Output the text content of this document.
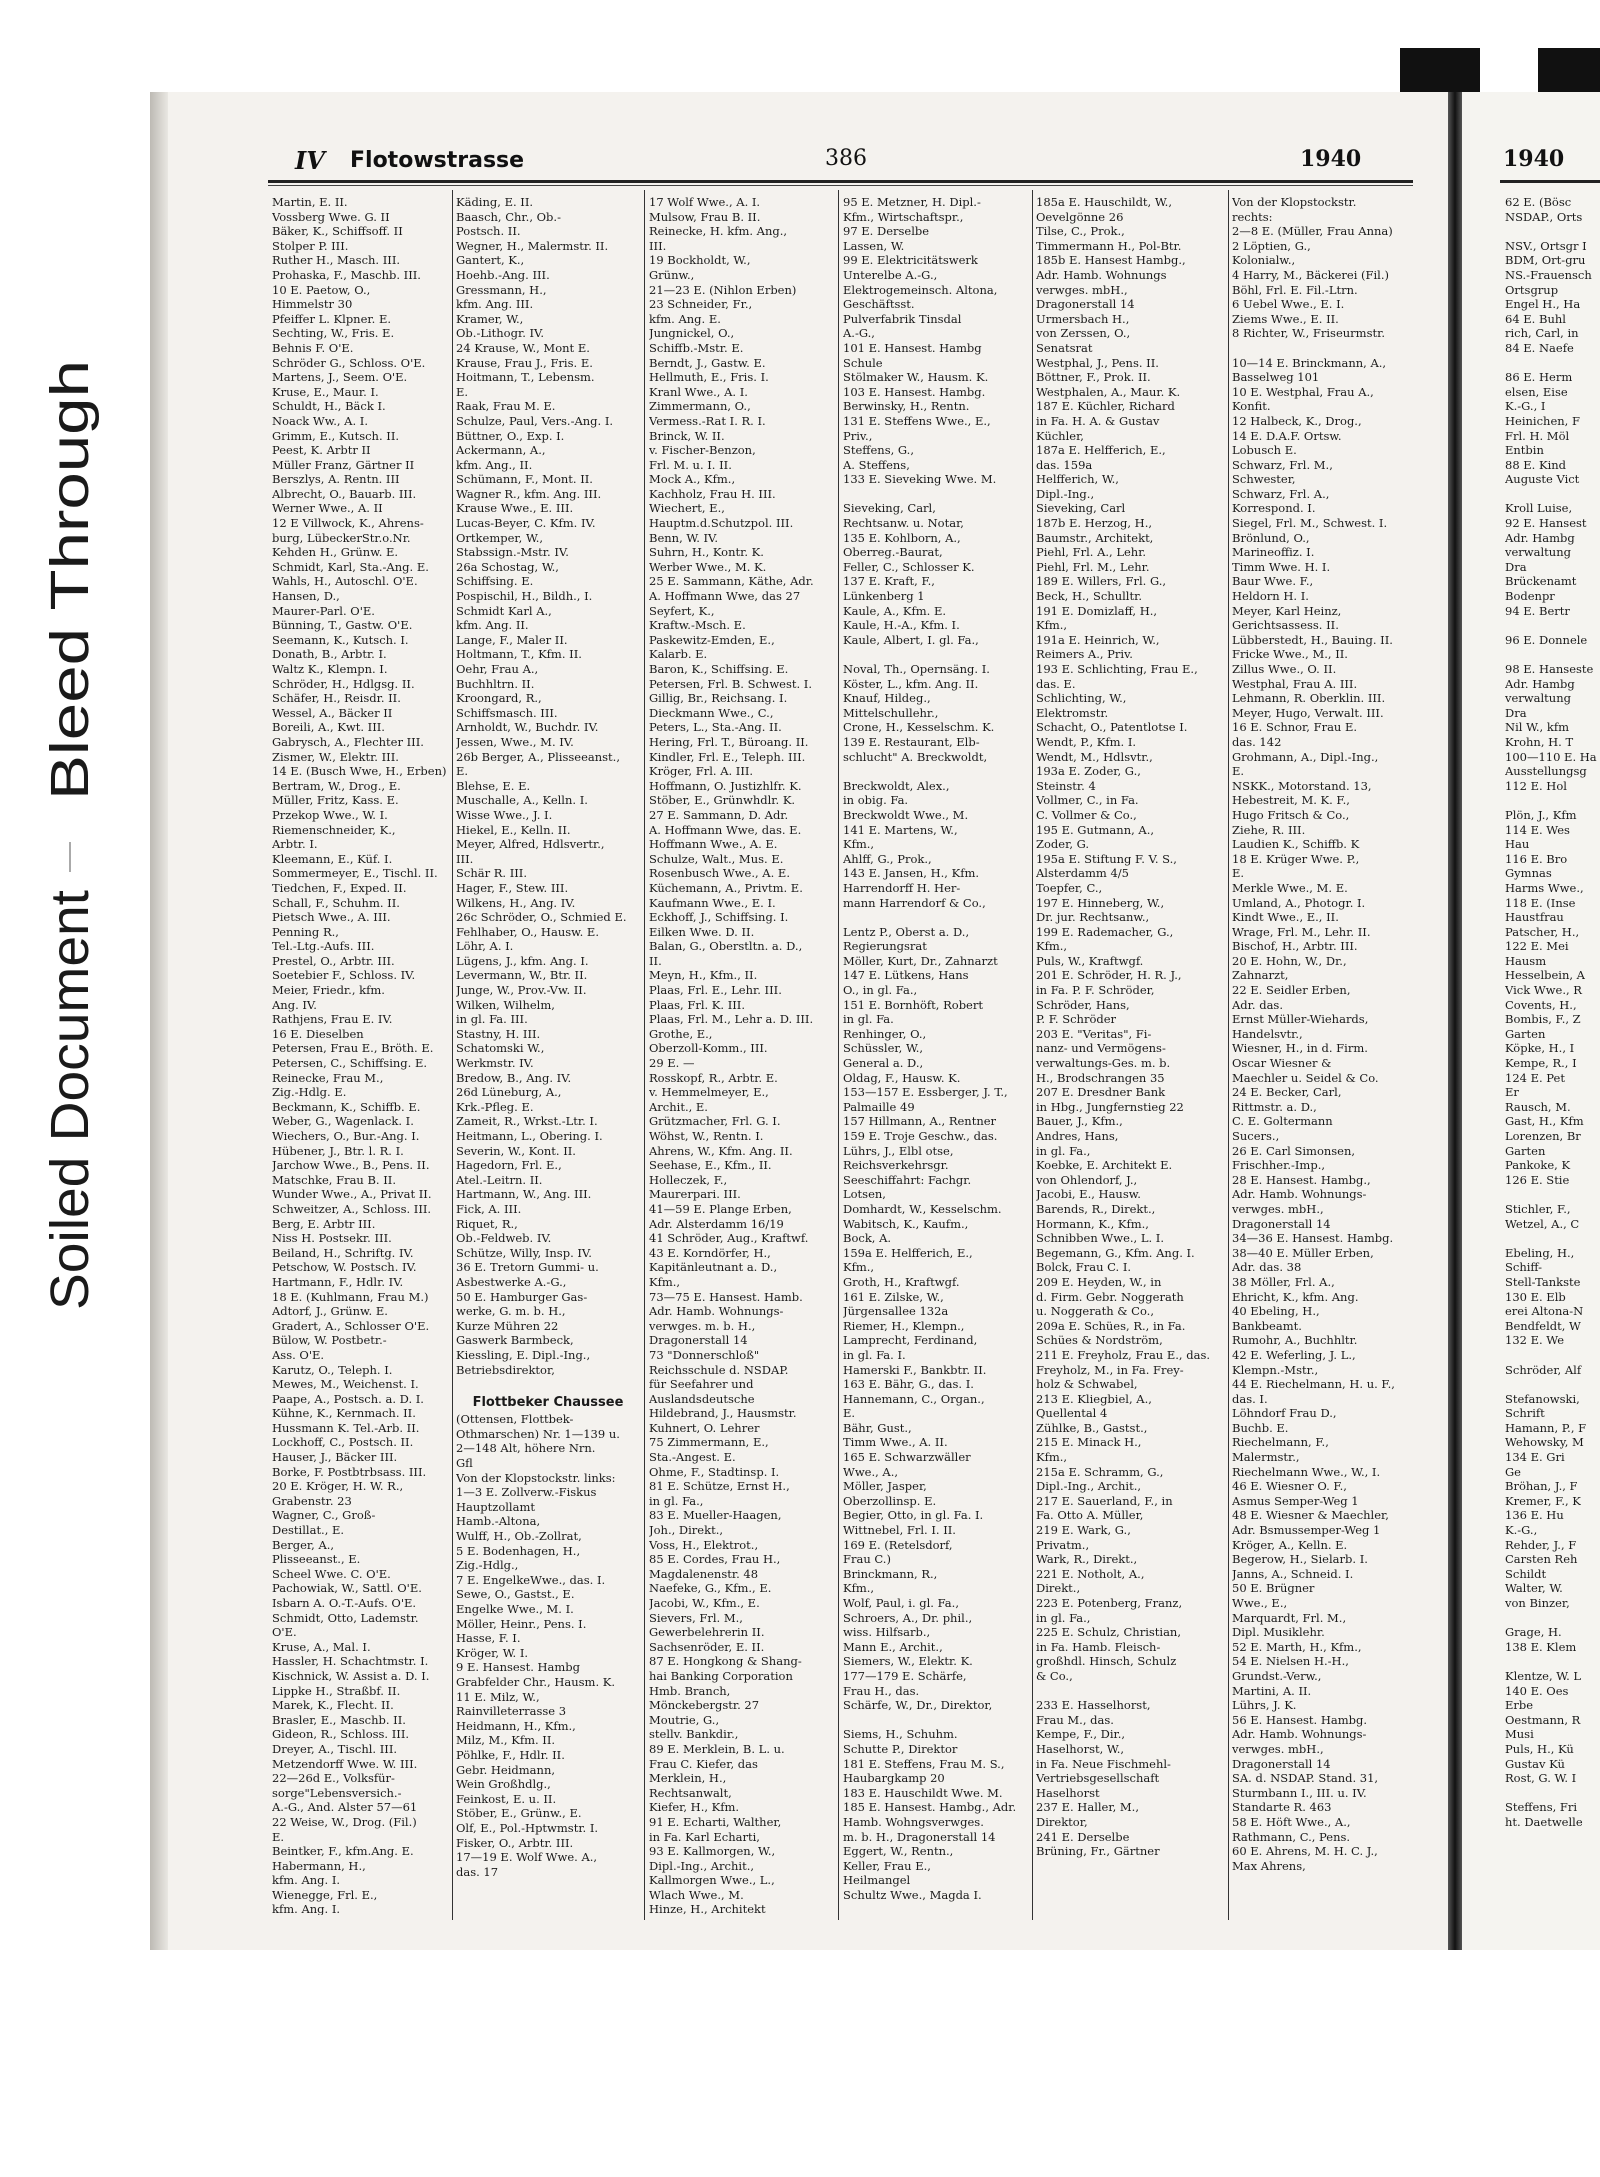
Soiled Document
Bleed Through
IV Flotowstrasse	386	1940	1940
Martin, E. II.
Vossberg Wwe. G. II
Bäker, K., Schiffsoff. II
Stolper P. III.
Ruther H., Masch. III.
Prohaska, F., Maschb. III.
10 E. Paetow, O.,
Himmelstr 30
Pfeiffer L. Klpner. E.
Sechting, W., Fris. E.
Behnis F. O'E.
Schröder G., Schloss. O'E.
Martens, J., Seem. O'E.
Kruse, E., Maur. I.
Schuldt, H., Bäck I.
Noack Ww., A. I.
Grimm, E., Kutsch. II.
Peest, K. Arbtr II
Müller Franz, Gärtner II
Berszlys, A. Rentn. III
Albrecht, O., Bauarb. III.
Werner Wwe., A. II
12 E Villwock, K., Ahrens-
burg, LübeckerStr.o.Nr.
Kehden H., Grünw. E.
Schmidt, Karl, Sta.-Ang. E.
Wahls, H., Autoschl. O'E.
Hansen, D.,
Maurer-Parl. O'E.
Bünning, T., Gastw. O'E.
Seemann, K., Kutsch. I.
Donath, B., Arbtr. I.
Waltz K., Klempn. I.
Schröder, H., Hdlgsg. II.
Schäfer, H., Reisdr. II.
Wessel, A., Bäcker II
Boreili, A., Kwt. III.
Gabrysch, A., Flechter III.
Zismer, W., Elektr. III.
14 E. (Busch Wwe, H., Erben)
Bertram, W., Drog., E.
Müller, Fritz, Kass. E.
Przekop Wwe., W. I.
Riemenschneider, K.,
Arbtr. I.
Kleemann, E., Küf. I.
Sommermeyer, E., Tischl. II.
Tiedchen, F., Exped. II.
Schall, F., Schuhm. II.
Pietsch Wwe., A. III.
Penning R.,
Tel.-Ltg.-Aufs. III.
Prestel, O., Arbtr. III.
Soetebier F., Schloss. IV.
Meier, Friedr., kfm.
Ang. IV.
Rathjens, Frau E. IV.
16 E. Dieselben
Petersen, Frau E., Bröth. E.
Petersen, C., Schiffsing. E.
Reinecke, Frau M.,
Zig.-Hdlg. E.
Beckmann, K., Schiffb. E.
Weber, G., Wagenlack. I.
Wiechers, O., Bur.-Ang. I.
Hübener, J., Btr. l. R. I.
Jarchow Wwe., B., Pens. II.
Matschke, Frau B. II.
Wunder Wwe., A., Privat II.
Schweitzer, A., Schloss. III.
Berg, E. Arbtr III.
Niss H. Postsekr. III.
Beiland, H., Schriftg. IV.
Petschow, W. Postsch. IV.
Hartmann, F., Hdlr. IV.
18 E. (Kuhlmann, Frau M.)
Adtorf, J., Grünw. E.
Gradert, A., Schlosser O'E.
Bülow, W. Postbetr.-
Ass. O'E.
Karutz, O., Teleph. I.
Mewes, M., Weichenst. I.
Paape, A., Postsch. a. D. I.
Kühne, K., Kernmach. II.
Hussmann K. Tel.-Arb. II.
Lockhoff, C., Postsch. II.
Hauser, J., Bäcker III.
Borke, F. Postbtrbsass. III.
20 E. Kröger, H. W. R.,
Grabenstr. 23
Wagner, C., Groß-
Destillat., E.
Berger, A.,
Plisseeanst., E.
Scheel Wwe. C. O'E.
Pachowiak, W., Sattl. O'E.
Isbarn A. O.-T.-Aufs. O'E.
Schmidt, Otto, Lademstr.
O'E.
Kruse, A., Mal. I.
Hassler, H. Schachtmstr. I.
Kischnick, W. Assist a. D. I.
Lippke H., Straßbf. II.
Marek, K., Flecht. II.
Brasler, E., Maschb. II.
Gideon, R., Schloss. III.
Dreyer, A., Tischl. III.
Metzendorff Wwe. W. III.
22—26d E., Volksfür-
sorge"Lebensversich.-
A.-G., And. Alster 57—61
22 Weise, W., Drog. (Fil.)
E.
Beintker, F., kfm.Ang. E.
Habermann, H.,
kfm. Ang. I.
Wienegge, Frl. E.,
kfm. Ang. I.
Käding, E. II.
Baasch, Chr., Ob.-
Postsch. II.
Wegner, H., Malermstr. II.
Gantert, K.,
Hoehb.-Ang. III.
Gressmann, H.,
kfm. Ang. III.
Kramer, W.,
Ob.-Lithogr. IV.
24 Krause, W., Mont E.
Krause, Frau J., Fris. E.
Hoitmann, T., Lebensm.
E.
Raak, Frau M. E.
Schulze, Paul, Vers.-Ang. I.
Büttner, O., Exp. I.
Ackermann, A.,
kfm. Ang., II.
Schümann, F., Mont. II.
Wagner R., kfm. Ang. III.
Krause Wwe., E. III.
Lucas-Beyer, C. Kfm. IV.
Ortkemper, W.,
Stabssign.-Mstr. IV.
26a Schostag, W.,
Schiffsing. E.
Pospischil, H., Bildh., I.
Schmidt Karl A.,
kfm. Ang. II.
Lange, F., Maler II.
Holtmann, T., Kfm. II.
Oehr, Frau A.,
Buchhltrn. II.
Kroongard, R.,
Schiffsmasch. III.
Arnholdt, W., Buchdr. IV.
Jessen, Wwe., M. IV.
26b Berger, A., Plisseeanst.,
E.
Blehse, E. E.
Muschalle, A., Kelln. I.
Wisse Wwe., J. I.
Hiekel, E., Kelln. II.
Meyer, Alfred, Hdlsvertr.,
III.
Schär R. III.
Hager, F., Stew. III.
Wilkens, H., Ang. IV.
26c Schröder, O., Schmied E.
Fehlhaber, O., Hausw. E.
Löhr, A. I.
Lügens, J., kfm. Ang. I.
Levermann, W., Btr. II.
Junge, W., Prov.-Vw. II.
Wilken, Wilhelm,
in gl. Fa. III.
Stastny, H. III.
Schatomski W.,
Werkmstr. IV.
Bredow, B., Ang. IV.
26d Lüneburg, A.,
Krk.-Pfleg. E.
Zameit, R., Wrkst.-Ltr. I.
Heitmann, L., Obering. I.
Severin, W., Kont. II.
Hagedorn, Frl. E.,
Atel.-Leitrn. II.
Hartmann, W., Ang. III.
Fick, A. III.
Riquet, R.,
Ob.-Feldweb. IV.
Schütze, Willy, Insp. IV.
36 E. Tretorn Gummi- u.
Asbestwerke A.-G.,
50 E. Hamburger Gas-
werke, G. m. b. H.,
Kurze Mühren 22
Gaswerk Barmbeck,
Kiessling, E. Dipl.-Ing.,
Betriebsdirektor,

Flottbeker Chaussee
(Ottensen, Flottbek-
Othmarschen) Nr. 1—139 u.
2—148 Alt, höhere Nrn.
Gfl
Von der Klopstockstr. links:
1—3 E. Zollverw.-Fiskus
Hauptzollamt
Hamb.-Altona,
Wulff, H., Ob.-Zollrat,
5 E. Bodenhagen, H.,
Zig.-Hdlg.,
7 E. EngelkeWwe., das. I.
Sewe, O., Gastst., E.
Engelke Wwe., M. I.
Möller, Heinr., Pens. I.
Hasse, F. I.
Kröger, W. I.
9 E. Hansest. Hambg
Grabfelder Chr., Hausm. K.
11 E. Milz, W.,
Rainvilleterrasse 3
Heidmann, H., Kfm.,
Milz, M., Kfm. II.
Pöhlke, F., Hdlr. II.
Gebr. Heidmann,
Wein Großhdlg.,
Feinkost, E. u. II.
Stöber, E., Grünw., E.
Olf, E., Pol.-Hptwmstr. I.
Fisker, O., Arbtr. III.
17—19 E. Wolf Wwe. A.,
das. 17
17 Wolf Wwe., A. I.
Mulsow, Frau B. II.
Reinecke, H. kfm. Ang.,
III.
19 Bockholdt, W.,
Grünw.,
21—23 E. (Nihlon Erben)
23 Schneider, Fr.,
kfm. Ang. E.
Jungnickel, O.,
Schiffb.-Mstr. E.
Berndt, J., Gastw. E.
Hellmuth, E., Fris. I.
Kranl Wwe., A. I.
Zimmermann, O.,
Vermess.-Rat I. R. I.
Brinck, W. II.
v. Fischer-Benzon,
Frl. M. u. I. II.
Mock A., Kfm.,
Kachholz, Frau H. III.
Wiechert, E.,
Hauptm.d.Schutzpol. III.
Benn, W. IV.
Suhrn, H., Kontr. K.
Werber Wwe., M. K.
25 E. Sammann, Käthe, Adr.
A. Hoffmann Wwe, das 27
Seyfert, K.,
Kraftw.-Msch. E.
Paskewitz-Emden, E.,
Kalarb. E.
Baron, K., Schiffsing. E.
Petersen, Frl. B. Schwest. I.
Gillig, Br., Reichsang. I.
Dieckmann Wwe., C.,
Peters, L., Sta.-Ang. II.
Hering, Frl. T., Büroang. II.
Kindler, Frl. E., Teleph. III.
Kröger, Frl. A. III.
Hoffmann, O. Justizhlfr. K.
Stöber, E., Grünwhdlr. K.
27 E. Sammann, D. Adr.
A. Hoffmann Wwe, das. E.
Hoffmann Wwe., A. E.
Schulze, Walt., Mus. E.
Rosenbusch Wwe., A. E.
Küchemann, A., Privtm. E.
Kaufmann Wwe., E. I.
Eckhoff, J., Schiffsing. I.
Eilken Wwe. D. II.
Balan, G., Oberstltn. a. D.,
II.
Meyn, H., Kfm., II.
Plaas, Frl. E., Lehr. III.
Plaas, Frl. K. III.
Plaas, Frl. M., Lehr a. D. III.
Grothe, E.,
Oberzoll-Komm., III.
29 E. —
Rosskopf, R., Arbtr. E.
v. Hemmelmeyer, E.,
Archit., E.
Grützmacher, Frl. G. I.
Wöhst, W., Rentn. I.
Ahrens, W., Kfm. Ang. II.
Seehase, E., Kfm., II.
Holleczek, F.,
Maurerpari. III.
41—59 E. Plange Erben,
Adr. Alsterdamm 16/19
41 Schröder, Aug., Kraftwf.
43 E. Korndörfer, H.,
Kapitänleutnant a. D.,
Kfm.,
73—75 E. Hansest. Hamb.
Adr. Hamb. Wohnungs-
verwges. m. b. H.,
Dragonerstall 14
73 "Donnerschloß"
Reichsschule d. NSDAP.
für Seefahrer und
Auslandsdeutsche
Hildebrand, J., Hausmstr.
Kuhnert, O. Lehrer
75 Zimmermann, E.,
Sta.-Angest. E.
Ohme, F., Stadtinsp. I.
81 E. Schütze, Ernst H.,
in gl. Fa.,
83 E. Mueller-Haagen,
Joh., Direkt.,
Voss, H., Elektrot.,
85 E. Cordes, Frau H.,
Magdalenenstr. 48
Naefeke, G., Kfm., E.
Jacobi, W., Kfm., E.
Sievers, Frl. M.,
Gewerbelehrerin II.
Sachsenröder, E. II.
87 E. Hongkong & Shang-
hai Banking Corporation
Hmb. Branch,
Mönckebergstr. 27
Moutrie, G.,
stellv. Bankdir.,
89 E. Merklein, B. L. u.
Frau C. Kiefer, das
Merklein, H.,
Rechtsanwalt,
Kiefer, H., Kfm.
91 E. Echarti, Walther,
in Fa. Karl Echarti,
93 E. Kallmorgen, W.,
Dipl.-Ing., Archit.,
Kallmorgen Wwe., L.,
Wlach Wwe., M.
Hinze, H., Architekt
95 E. Metzner, H. Dipl.-
Kfm., Wirtschaftspr.,
97 E. Derselbe
Lassen, W.
99 E. Elektricitätswerk
Unterelbe A.-G.,
Elektrogemeinsch. Altona,
Geschäftsst.
Pulverfabrik Tinsdal
A.-G.,
101 E. Hansest. Hambg
Schule
Stölmaker W., Hausm. K.
103 E. Hansest. Hambg.
Berwinsky, H., Rentn.
131 E. Steffens Wwe., E.,
Priv.,
Steffens, G.,
A. Steffens,
133 E. Sieveking Wwe. M.

Sieveking, Carl,
Rechtsanw. u. Notar,
135 E. Kohlborn, A.,
Oberreg.-Baurat,
Feller, C., Schlosser K.
137 E. Kraft, F.,
Lünkenberg 1
Kaule, A., Kfm. E.
Kaule, H.-A., Kfm. I.
Kaule, Albert, I. gl. Fa.,

Noval, Th., Opernsäng. I.
Köster, L., kfm. Ang. II.
Knauf, Hildeg.,
Mittelschullehr.,
Crone, H., Kesselschm. K.
139 E. Restaurant, Elb-
schlucht" A. Breckwoldt,

Breckwoldt, Alex.,
in obig. Fa.
Breckwoldt Wwe., M.
141 E. Martens, W.,
Kfm.,
Ahlff, G., Prok.,
143 E. Jansen, H., Kfm.
Harrendorff H. Her-
mann Harrendorf & Co.,

Lentz P., Oberst a. D.,
Regierungsrat
Möller, Kurt, Dr., Zahnarzt
147 E. Lütkens, Hans
O., in gl. Fa.,
151 E. Bornhöft, Robert
in gl. Fa.
Renhinger, O.,
Schüssler, W.,
General a. D.,
Oldag, F., Hausw. K.
153—157 E. Essberger, J. T.,
Palmaille 49
157 Hillmann, A., Rentner
159 E. Troje Geschw., das.
Lührs, J., Elbl otse,
Reichsverkehrsgr.
Seeschiffahrt: Fachgr.
Lotsen,
Domhardt, W., Kesselschm.
Wabitsch, K., Kaufm.,
Bock, A.
159a E. Helfferich, E.,
Kfm.,
Groth, H., Kraftwgf.
161 E. Zilske, W.,
Jürgensallee 132a
Riemer, H., Klempn.,
Lamprecht, Ferdinand,
in gl. Fa. I.
Hamerski F., Bankbtr. II.
163 E. Bähr, G., das. I.
Hannemann, C., Organ.,
E.
Bähr, Gust.,
Timm Wwe., A. II.
165 E. Schwarzwäller
Wwe., A.,
Möller, Jasper,
Oberzollinsp. E.
Begier, Otto, in gl. Fa. I.
Wittnebel, Frl. I. II.
169 E. (Retelsdorf,
Frau C.)
Brinckmann, R.,
Kfm.,
Wolf, Paul, i. gl. Fa.,
Schroers, A., Dr. phil.,
wiss. Hilfsarb.,
Mann E., Archit.,
Siemers, W., Elektr. K.
177—179 E. Schärfe,
Frau H., das.
Schärfe, W., Dr., Direktor,

Siems, H., Schuhm.
Schutte P., Direktor
181 E. Steffens, Frau M. S.,
Haubargkamp 20
183 E. Hauschildt Wwe. M.
185 E. Hansest. Hambg., Adr.
Hamb. Wohngsverwges.
m. b. H., Dragonerstall 14
Eggert, W., Rentn.,
Keller, Frau E.,
Heilmangel
Schultz Wwe., Magda I.
185a E. Hauschildt, W.,
Oevelgönne 26
Tilse, C., Prok.,
Timmermann H., Pol-Btr.
185b E. Hansest Hambg.,
Adr. Hamb. Wohnungs
verwges. mbH.,
Dragonerstall 14
Urmersbach H.,
von Zerssen, O.,
Senatsrat
Westphal, J., Pens. II.
Böttner, F., Prok. II.
Westphalen, A., Maur. K.
187 E. Küchler, Richard
in Fa. H. A. & Gustav
Küchler,
187a E. Helfferich, E.,
das. 159a
Helfferich, W.,
Dipl.-Ing.,
Sieveking, Carl
187b E. Herzog, H.,
Baumstr., Architekt,
Piehl, Frl. A., Lehr.
Piehl, Frl. M., Lehr.
189 E. Willers, Frl. G.,
Beck, H., Schulltr.
191 E. Domizlaff, H.,
Kfm.,
191a E. Heinrich, W.,
Reimers A., Priv.
193 E. Schlichting, Frau E.,
das. E.
Schlichting, W.,
Elektromstr.
Schacht, O., Patentlotse I.
Wendt, P., Kfm. I.
Wendt, M., Hdlsvtr.,
193a E. Zoder, G.,
Steinstr. 4
Vollmer, C., in Fa.
C. Vollmer & Co.,
195 E. Gutmann, A.,
Zoder, G.
195a E. Stiftung F. V. S.,
Alsterdamm 4/5
Toepfer, C.,
197 E. Hinneberg, W.,
Dr. jur. Rechtsanw.,
199 E. Rademacher, G.,
Kfm.,
Puls, W., Kraftwgf.
201 E. Schröder, H. R. J.,
in Fa. P. F. Schröder,
Schröder, Hans,
P. F. Schröder
203 E. "Veritas", Fi-
nanz- und Vermögens-
verwaltungs-Ges. m. b.
H., Brodschrangen 35
207 E. Dresdner Bank
in Hbg., Jungfernstieg 22
Bauer, J., Kfm.,
Andres, Hans,
in gl. Fa.,
Koebke, E. Architekt E.
von Ohlendorf, J.,
Jacobi, E., Hausw.
Barends, R., Direkt.,
Hormann, K., Kfm.,
Schnibben Wwe., L. I.
Begemann, G., Kfm. Ang. I.
Bolck, Frau C. I.
209 E. Heyden, W., in
d. Firm. Gebr. Noggerath
u. Noggerath & Co.,
209a E. Schües, R., in Fa.
Schües & Nordström,
211 E. Freyholz, Frau E., das.
Freyholz, M., in Fa. Frey-
holz & Schwabel,
213 E. Kliegbiel, A.,
Quellental 4
Zühlke, B., Gastst.,
215 E. Minack H.,
Kfm.,
215a E. Schramm, G.,
Dipl.-Ing., Archit.,
217 E. Sauerland, F., in
Fa. Otto A. Müller,
219 E. Wark, G.,
Privatm.,
Wark, R., Direkt.,
221 E. Notholt, A.,
Direkt.,
223 E. Potenberg, Franz,
in gl. Fa.,
225 E. Schulz, Christian,
in Fa. Hamb. Fleisch-
großhdl. Hinsch, Schulz
& Co.,

233 E. Hasselhorst,
Frau M., das.
Kempe, F., Dir.,
Haselhorst, W.,
in Fa. Neue Fischmehl-
Vertriebsgesellschaft
Haselhorst
237 E. Haller, M.,
Direktor,
241 E. Derselbe
Brüning, Fr., Gärtner
Von der Klopstockstr.
rechts:
2—8 E. (Müller, Frau Anna)
2 Löptien, G.,
Kolonialw.,
4 Harry, M., Bäckerei (Fil.)
Böhl, Frl. E. Fil.-Ltrn.
6 Uebel Wwe., E. I.
Ziems Wwe., E. II.
8 Richter, W., Friseurmstr.

10—14 E. Brinckmann, A.,
Basselweg 101
10 E. Westphal, Frau A.,
Konfit.
12 Halbeck, K., Drog.,
14 E. D.A.F. Ortsw.
Lobusch E.
Schwarz, Frl. M.,
Schwester,
Schwarz, Frl. A.,
Korrespond. I.
Siegel, Frl. M., Schwest. I.
Brönlund, O.,
Marineoffiz. I.
Timm Wwe. H. I.
Baur Wwe. F.,
Heldorn H. I.
Meyer, Karl Heinz,
Gerichtsassess. II.
Lübberstedt, H., Bauing. II.
Fricke Wwe., M., II.
Zillus Wwe., O. II.
Westphal, Frau A. III.
Lehmann, R. Oberklin. III.
Meyer, Hugo, Verwalt. III.
16 E. Schnor, Frau E.
das. 142
Grohmann, A., Dipl.-Ing.,
E.
NSKK., Motorstand. 13,
Hebestreit, M. K. F.,
Hugo Fritsch & Co.,
Ziehe, R. III.
Laudien K., Schiffb. K
18 E. Krüger Wwe. P.,
E.
Merkle Wwe., M. E.
Umland, A., Photogr. I.
Kindt Wwe., E., II.
Wrage, Frl. M., Lehr. II.
Bischof, H., Arbtr. III.
20 E. Hohn, W., Dr.,
Zahnarzt,
22 E. Seidler Erben,
Adr. das.
Ernst Müller-Wiehards,
Handelsvtr.,
Wiesner, H., in d. Firm.
Oscar Wiesner &
Maechler u. Seidel & Co.
24 E. Becker, Carl,
Rittmstr. a. D.,
C. E. Goltermann
Sucers.,
26 E. Carl Simonsen,
Frischher.-Imp.,
28 E. Hansest. Hambg.,
Adr. Hamb. Wohnungs-
verwges. mbH.,
Dragonerstall 14
34—36 E. Hansest. Hambg.
38—40 E. Müller Erben,
Adr. das. 38
38 Möller, Frl. A.,
Ehricht, K., kfm. Ang.
40 Ebeling, H.,
Bankbeamt.
Rumohr, A., Buchhltr.
42 E. Weferling, J. L.,
Klempn.-Mstr.,
44 E. Riechelmann, H. u. F.,
das. I.
Löhndorf Frau D.,
Buchb. E.
Riechelmann, F.,
Malermstr.,
Riechelmann Wwe., W., I.
46 E. Wiesner O. F.,
Asmus Semper-Weg 1
48 E. Wiesner & Maechler,
Adr. Bsmussemper-Weg 1
Kröger, A., Kelln. E.
Begerow, H., Sielarb. I.
Janns, A., Schneid. I.
50 E. Brügner
Wwe., E.,
Marquardt, Frl. M.,
Dipl. Musiklehr.
52 E. Marth, H., Kfm.,
54 E. Nielsen H.-H.,
Grundst.-Verw.,
Martini, A. II.
Lührs, J. K.
56 E. Hansest. Hambg.
Adr. Hamb. Wohnungs-
verwges. mbH.,
Dragonerstall 14
SA. d. NSDAP. Stand. 31,
Sturmbann I., III. u. IV.
Standarte R. 463
58 E. Höft Wwe., A.,
Rathmann, C., Pens.
60 E. Ahrens, M. H. C. J.,
Max Ahrens,
62 E. (Bösc
NSDAP., Orts

NSV., Ortsgr I
BDM, Ort-gru
NS.-Frauensch
Ortsgrup
Engel H., Ha
64 E. Buhl
rich, Carl, in
84 E. Naefe

86 E. Herm
elsen, Eise
K.-G., I
Heinichen, F
Frl. H. Möl
Entbin
88 E. Kind
Auguste Vict

Kroll Luise,
92 E. Hansest
Adr. Hambg
verwaltung
Dra
Brückenamt
Bodenpr
94 E. Bertr

96 E. Donnele

98 E. Hanseste
Adr. Hambg
verwaltung
Dra
Nil W., kfm
Krohn, H. T
100—110 E. Ha
Ausstellungsg
112 E. Hol

Plön, J., Kfm
114 E. Wes
Hau
116 E. Bro
Gymnas
Harms Wwe.,
118 E. (Inse
Haustfrau
Patscher, H.,
122 E. Mei
Hausm
Hesselbein, A
Vick Wwe., R
Covents, H.,
Bombis, F., Z
Garten
Köpke, H., I
Kempe, R., I
124 E. Pet
Er
Rausch, M.
Gast, H., Kfm
Lorenzen, Br
Garten
Pankoke, K
126 E. Stie

Stichler, F.,
Wetzel, A., C

Ebeling, H.,
Schiff-
Stell-Tankste
130 E. Elb
erei Altona-N
Bendfeldt, W
132 E. We

Schröder, Alf

Stefanowski,
Schrift
Hamann, P., F
Wehowsky, M
134 E. Gri
Ge
Bröhan, J., F
Kremer, F., K
136 E. Hu
K.-G.,
Rehder, J., F
Carsten Reh
Schildt
Walter, W.
von Binzer,

Grage, H.
138 E. Klem

Klentze, W. L
140 E. Oes
Erbe
Oestmann, R
Musi
Puls, H., Kü
Gustav Kü
Rost, G. W. I

Steffens, Fri
ht. Daetwelle
